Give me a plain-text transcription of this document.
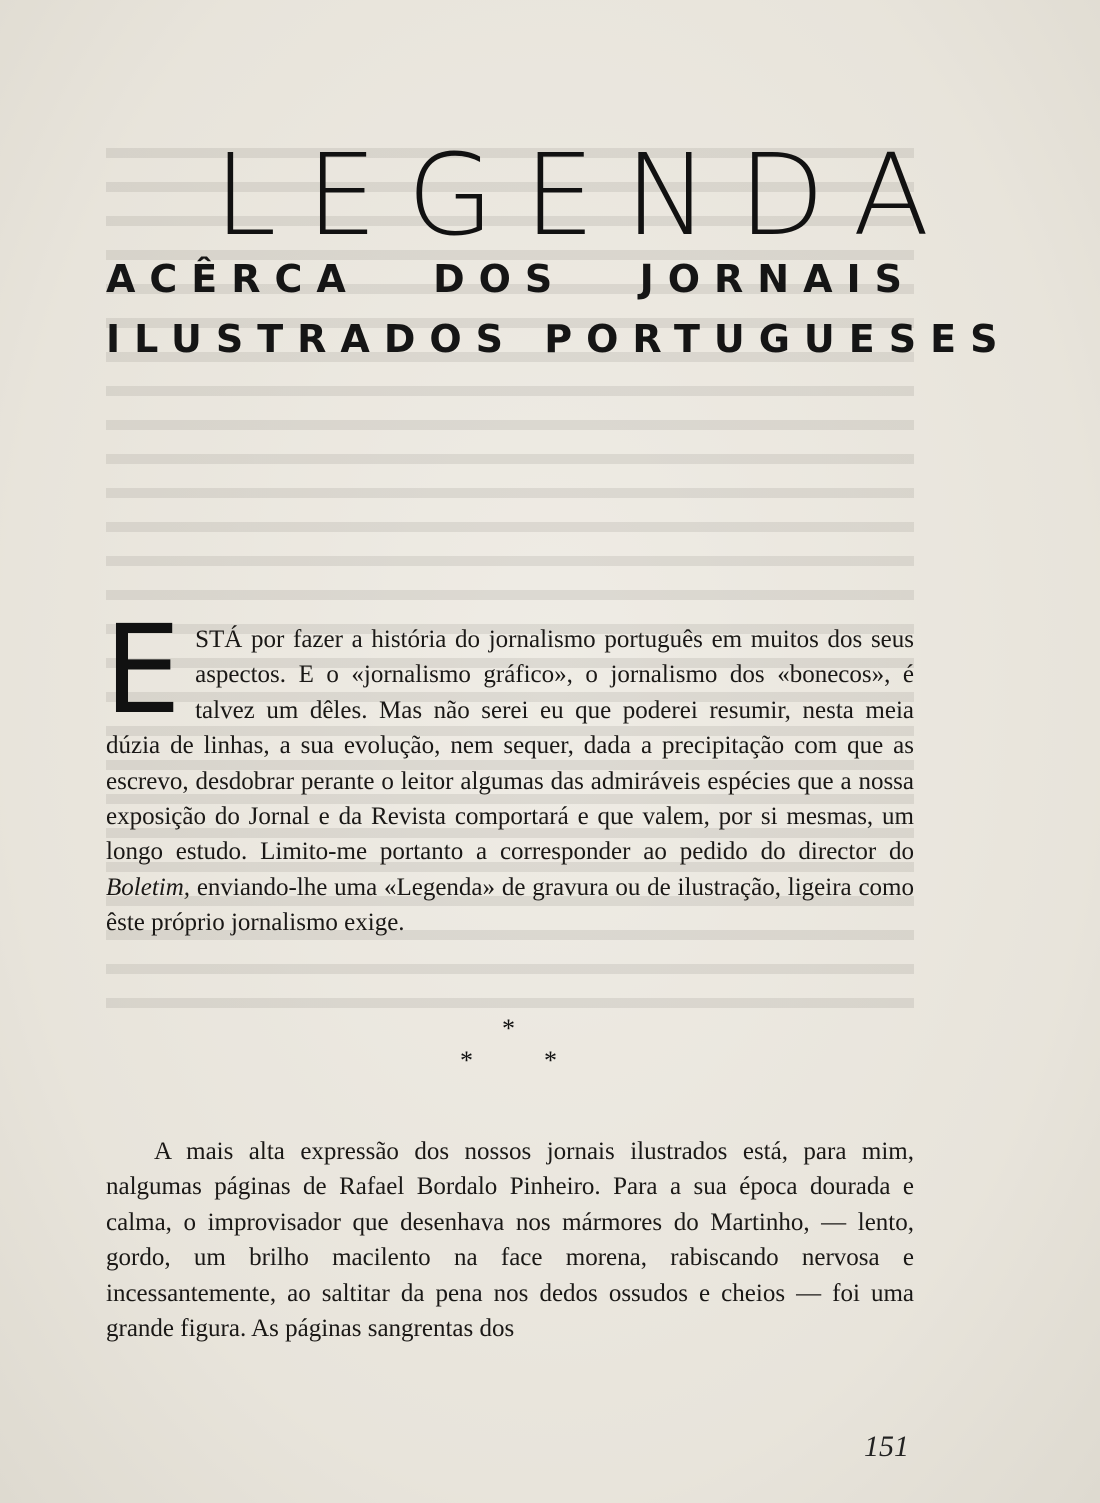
LEGENDA
ACÊRCA DOS JORNAIS
ILUSTRADOS PORTUGUESES

ESTÁ por fazer a história do jornalismo português em muitos dos seus aspectos. E o «jornalismo gráfico», o jornalismo dos «bonecos», é talvez um dêles. Mas não serei eu que poderei resumir, nesta meia dúzia de linhas, a sua evolução, nem sequer, dada a precipitação com que as escrevo, desdobrar perante o leitor algumas das admiráveis espécies que a nossa exposição do Jornal e da Revista comportará e que valem, por si mesmas, um longo estudo. Limito-me portanto a corresponder ao pedido do director do Boletim, enviando-lhe uma «Legenda» de gravura ou de ilustração, ligeira como êste próprio jornalismo exige.

*
*	*

A mais alta expressão dos nossos jornais ilustrados está, para mim, nalgumas páginas de Rafael Bordalo Pinheiro. Para a sua época dourada e calma, o improvisador que desenhava nos mármores do Martinho, — lento, gordo, um brilho macilento na face morena, rabiscando nervosa e incessantemente, ao saltitar da pena nos dedos ossudos e cheios — foi uma grande figura. As páginas sangrentas dos

151
